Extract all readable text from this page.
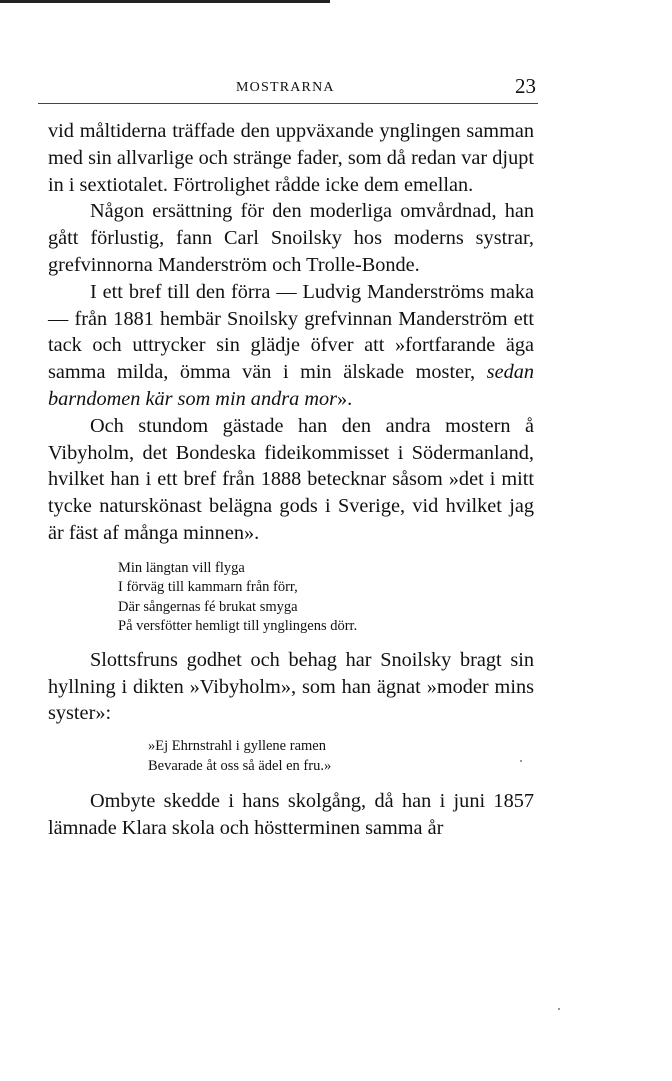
MOSTRARNA	23

vid måltiderna träffade den uppväxande ynglingen samman med sin allvarlige och stränge fader, som då redan var djupt in i sextiotalet. Förtrolighet rådde icke dem emellan.

Någon ersättning för den moderliga omvårdnad, han gått förlustig, fann Carl Snoilsky hos moderns systrar, grefvinnorna Manderström och Trolle-Bonde.

I ett bref till den förra — Ludvig Manderströms maka — från 1881 hembär Snoilsky grefvinnan Manderström ett tack och uttrycker sin glädje öfver att »fortfarande äga samma milda, ömma vän i min älskade moster, sedan barndomen kär som min andra mor».

Och stundom gästade han den andra mostern å Vibyholm, det Bondeska fideikommisset i Södermanland, hvilket han i ett bref från 1888 betecknar såsom »det i mitt tycke naturskönast belägna gods i Sverige, vid hvilket jag är fäst af många minnen».

Min längtan vill flyga
I förväg till kammarn från förr,
Där sångernas fé brukat smyga
På versfötter hemligt till ynglingens dörr.

Slottsfruns godhet och behag har Snoilsky bragt sin hyllning i dikten »Vibyholm», som han ägnat »moder mins syster»:

»Ej Ehrnstrahl i gyllene ramen
Bevarade åt oss så ädel en fru.»

Ombyte skedde i hans skolgång, då han i juni 1857 lämnade Klara skola och höstterminen samma år
